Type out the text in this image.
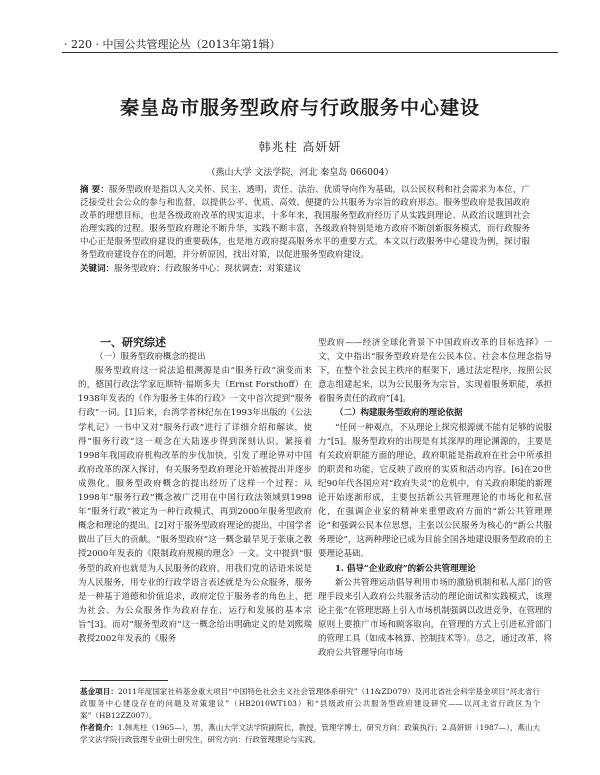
· 220 · 中国公共管理论丛（2013年第1辑）
秦皇岛市服务型政府与行政服务中心建设
韩兆柱 高妍妍
（燕山大学 文法学院，河北 秦皇岛 066004）
摘 要：服务型政府是指以人文关怀、民主、透明、责任、法治、优质导向作为基础，以公民权利和社会需求为本位，广泛接受社会公众的参与和监督，以提供公平、优质、高效、便捷的公共服务为宗旨的政府形态。服务型政府是我国政府改革的理想目标，也是各级政府改革的现实追求，十多年来，我国服务型政府经历了从实践到理论、从政治议题到社会治理实践的过程。服务型政府理论不断升华，实践不断丰富，各级政府特别是地方政府不断创新服务模式，而行政服务中心正是服务型政府建设的重要载体，也是地方政府提高服务水平的重要方式。本文以行政服务中心建设为例，探讨服务型政府建设存在的问题，并分析原因，找出对策，以促进服务型政府建设。
关键词：服务型政府；行政服务中心；现状调查；对策建议

一、研究综述

（一）服务型政府概念的提出

服务型政府这一说法追根溯源是由“服务行政”演变而来的，德国行政法学家厄斯特·福斯多夫（Ernst Forsthoff）在1938年发表的《作为服务主体的行政》一文中首次提到“服务行政”一词。[1]后来，台湾学者林纪东在1993年出版的《公法学札记》一书中又对“服务行政”进行了详细介绍和解读，使得“服务行政”这一观念在大陆逐步得到深刻认识。紧接着1998年我国政府机构改革的步伐加快，引发了理论界对中国政府改革的深入探讨，有关服务型政府理论开始被提出并逐步成熟化。服务型政府概念的提出经历了这样一个过程：从1998年“服务行政”概念被广泛用在中国行政法领域到1998年“服务行政”被定为一种行政模式，再到2000年服务型政府概念和理论的提出。[2]对于服务型政府理论的提出，中国学者做出了巨大的贡献。“服务型政府”这一概念最早见于张康之教授2000年发表的《限制政府规模的理念》一文。文中提到“服务型的政府也就是为人民服务的政府，用我们党的话语来说是为人民服务，用专业的行政学语言表述就是为公众服务，服务是一种基于道德和价值追求，政府定位于服务者的角色上，把为社会、为公众服务作为政府存在、运行和发展的基本宗旨”[3]。而对“服务型政府”这一概念给出明确定义的是刘熙瑞教授2002年发表的《服务

型政府——经济全球化背景下中国政府改革的目标选择》一文，文中指出“服务型政府是在公民本位、社会本位理念指导下，在整个社会民主秩序的框架下，通过法定程序，按照公民意志组建起来，以为公民服务为宗旨，实现着服务职能，承担着服务责任的政府”[4]。

（二）构建服务型政府的理论依据

“任何一种观点，不从理论上探究根源就不能有足够的说服力”[5]。服务型政府的出现是有其深厚的理论渊源的，主要是有关政府职能方面的理论，政府职能是指政府在社会中所承担的职责和功能，它反映了政府的实质和活动内容。[6]在20世纪90年代各国应对“政府失灵”的危机中，有关政府职能的新理论开始逐渐形成，主要包括新公共管理理论的市场化和私营化，在强调企业家的精神来重塑政府方面的“新公共管理理论”和强调公民本位思想，主张以公民服务为核心的“新公共服务理论”，这两种理论已成为目前全国各地建设服务型政府的主要理论基础。

1. 倡导“企业政府”的新公共管理理论

新公共管理运动倡导利用市场的激励机制和私人部门的管理手段来引入政府公共服务活动的理论面试和实践模式，该理论主张“在管理思路上引入市场机制强调以改进竞争，在管理的原则上要推广市场和顾客取向，在管理的方式上引进私营部门的管理工具（如成本核算、控制技术等）。总之，通过改革，将政府公共管理导向市场

基金项目：2011年度国家社科基金重大项目“中国特色社会主义社会管理体系研究”（11&ZD079）及河北省社会科学基金项目“河北省行政服务中心建设存在的问题及对策建议”（HB2010WT103）和“县级政府公共服务型政府建设研究——以河北省行政区为个案”（HB12ZZ007）。
作者简介：1.韩兆柱（1965—），男，燕山大学文法学院副院长，教授，管理学博士，研究方向：政策执行；2.高妍妍（1987—），燕山大学文法学院行政管理专业研士研究生，研究方向：行政管理理论与实践。
